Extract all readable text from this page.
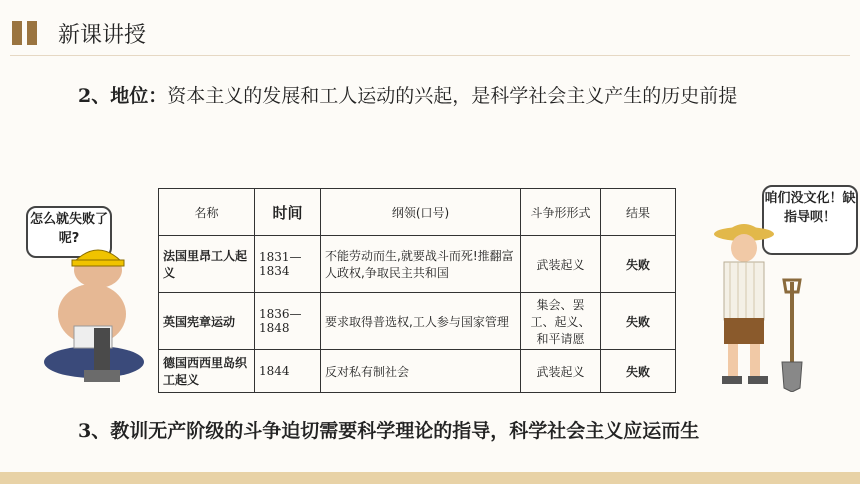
新课讲授
2、地位：资本主义的发展和工人运动的兴起，是科学社会主义产生的历史前提
名称	时间	纲领(口号)	斗争形形式	结果
法国里昂工人起义	1831—1834	不能劳动而生,就要战斗而死!推翻富人政权,争取民主共和国	武装起义	失败
英国宪章运动	1836—1848	要求取得普选权,工人参与国家管理	集会、罢工、起义、和平请愿	失败
德国西西里岛织工起义	1844	反对私有制社会	武装起义	失败
怎么就失败了呢?
咱们没文化！缺指导呗！
3、教训无产阶级的斗争迫切需要科学理论的指导，科学社会主义应运而生
